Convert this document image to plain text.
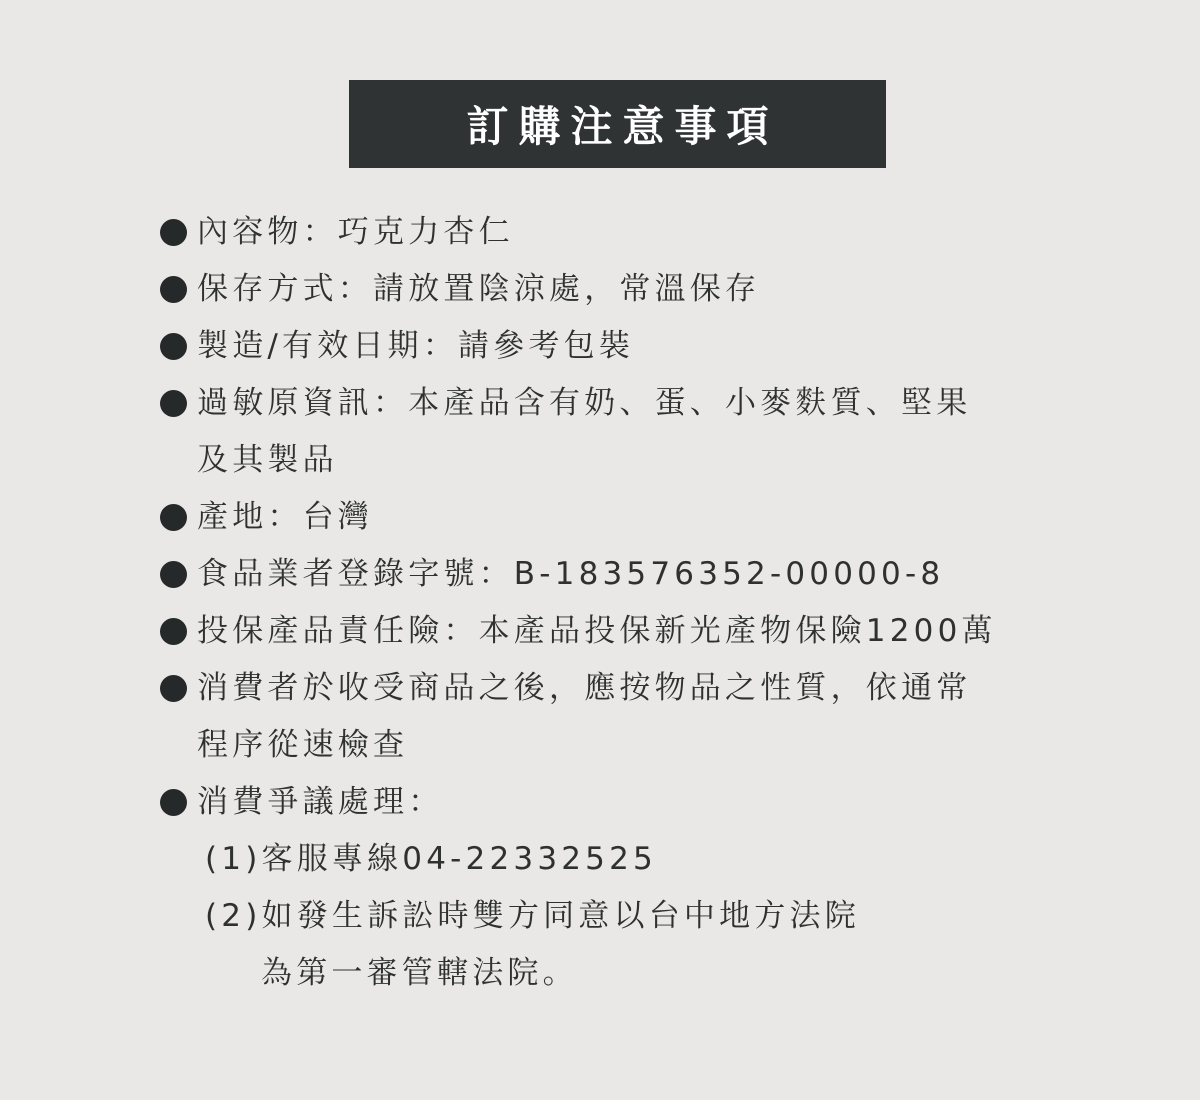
訂購注意事項
內容物：巧克力杏仁
保存方式：請放置陰涼處，常溫保存
製造/有效日期：請參考包裝
過敏原資訊：本產品含有奶、蛋、小麥麩質、堅果
及其製品
產地：台灣
食品業者登錄字號：B-183576352-00000-8
投保產品責任險：本產品投保新光產物保險1200萬
消費者於收受商品之後，應按物品之性質，依通常
程序從速檢查
消費爭議處理：
(1)客服專線04-22332525
(2)如發生訴訟時雙方同意以台中地方法院
為第一審管轄法院。
